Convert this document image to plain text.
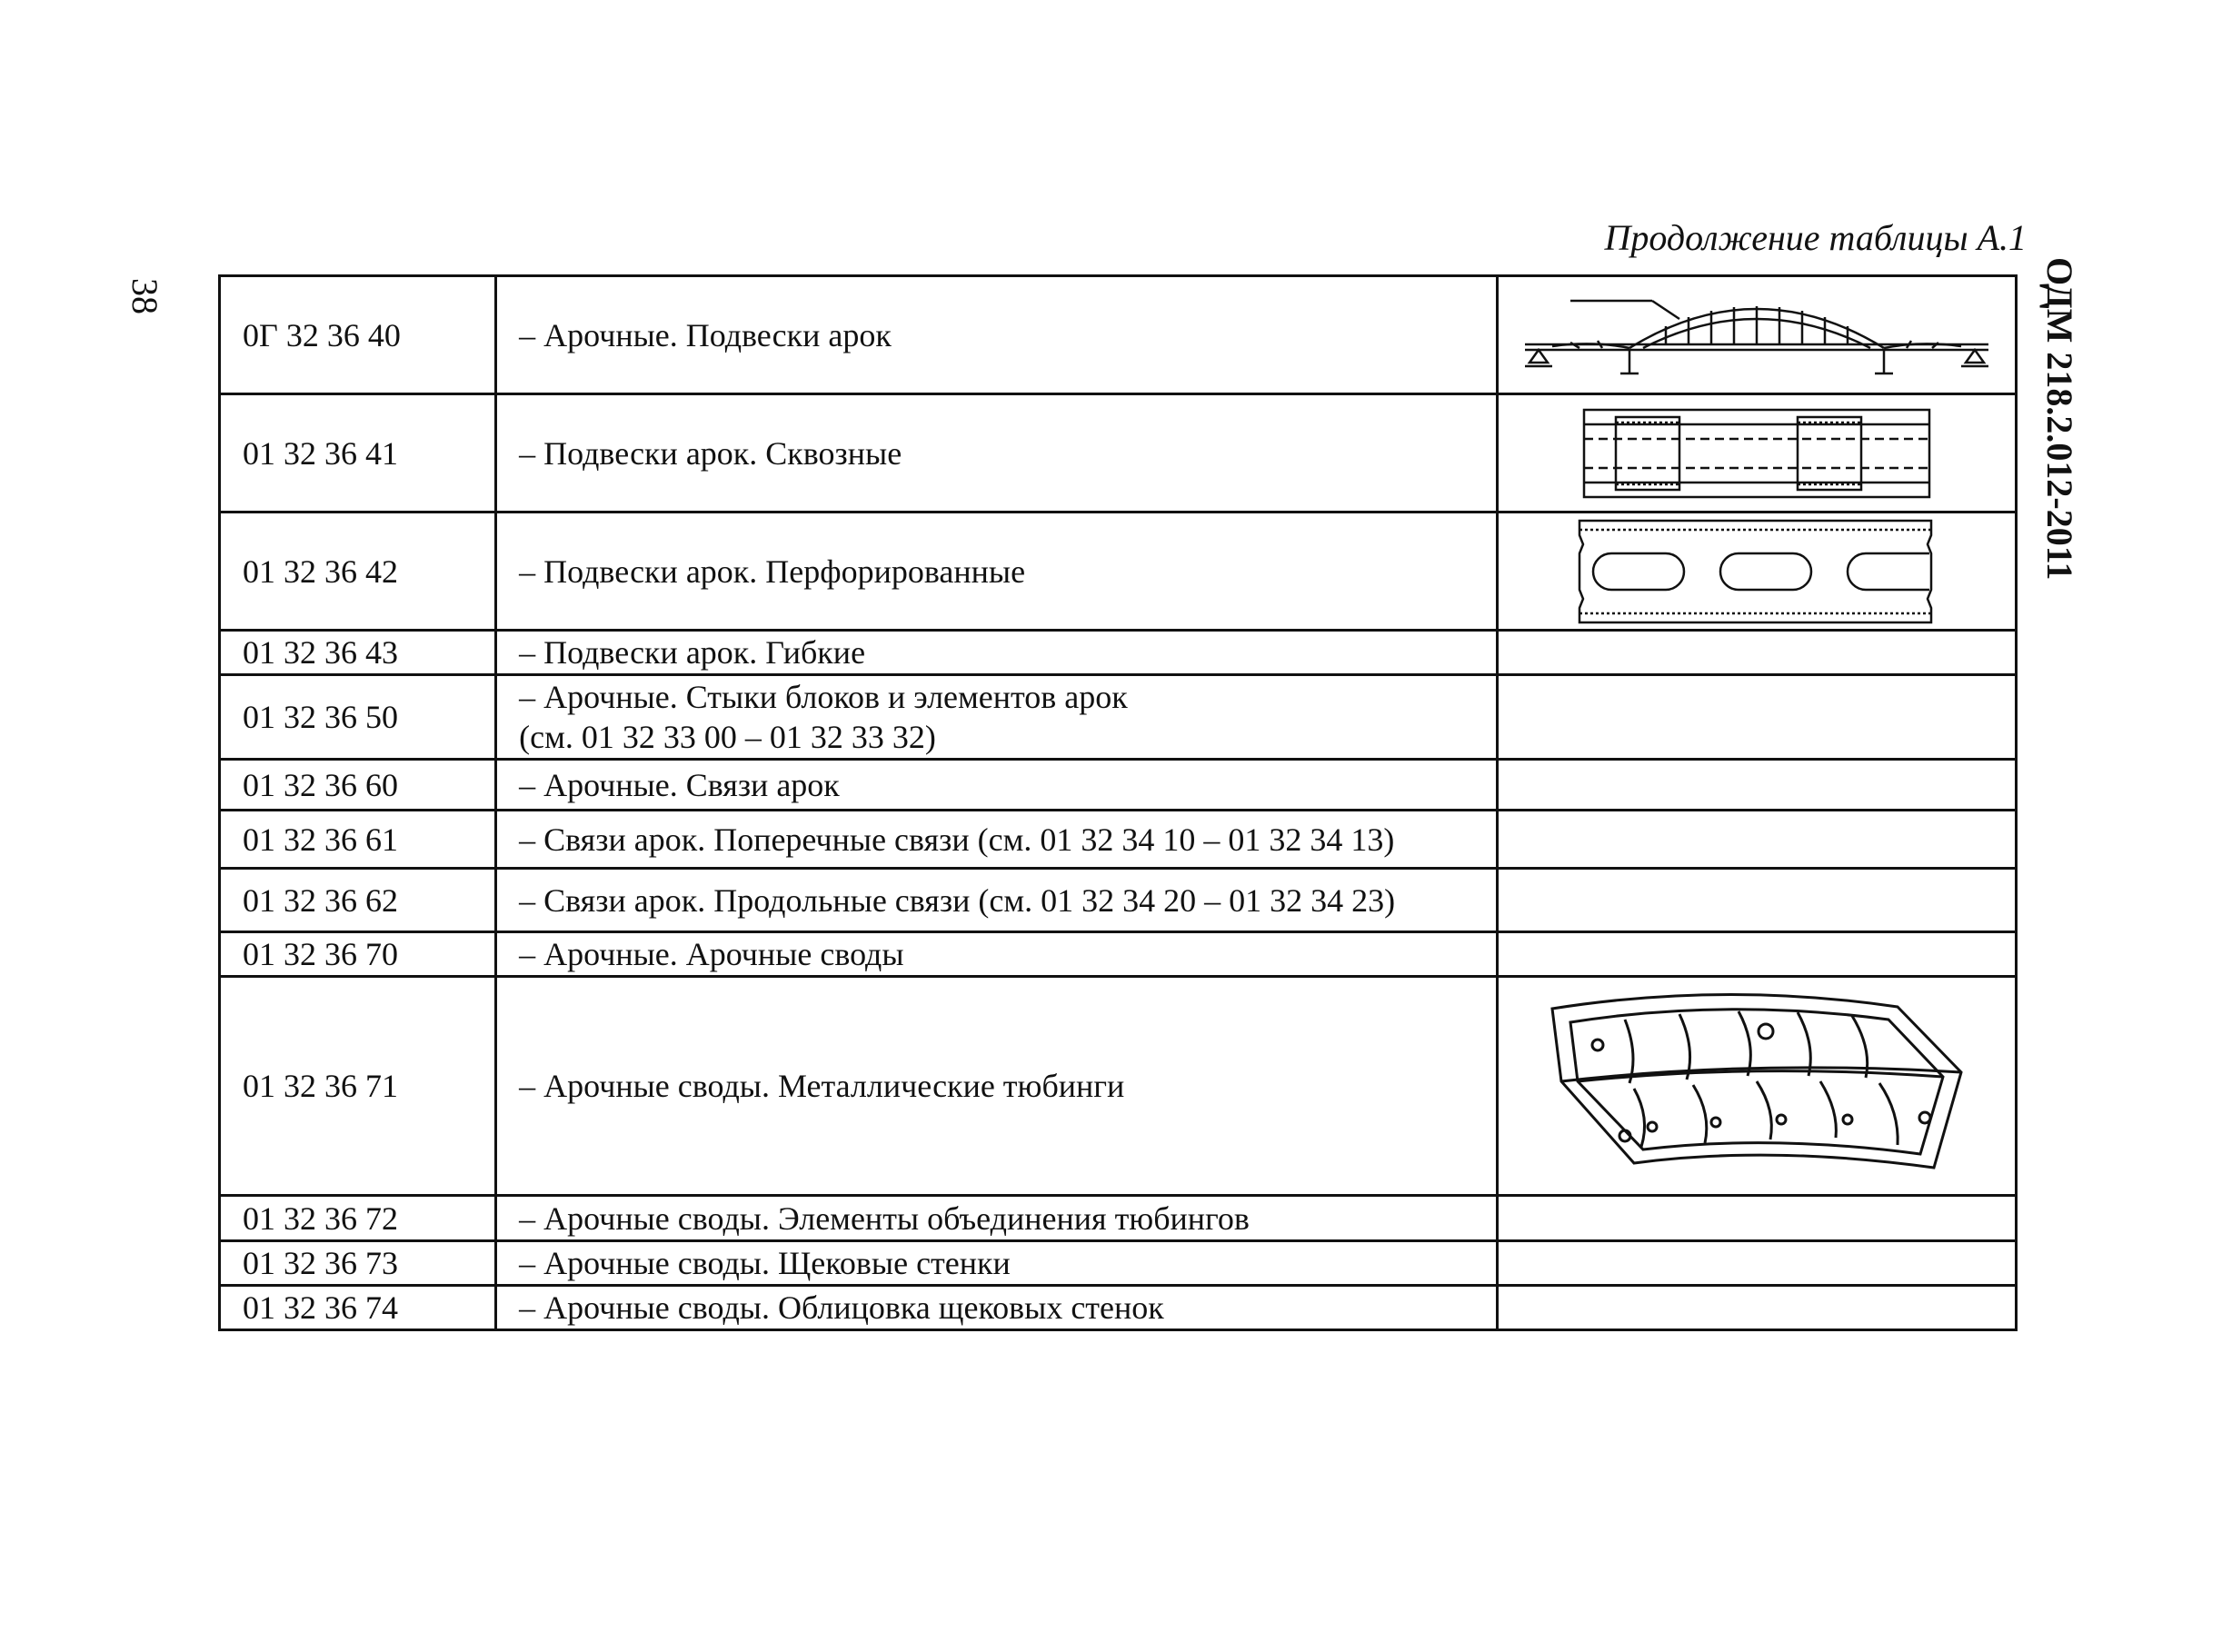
Продолжение таблицы А.1
38	ОДМ 218.2.012-2011
0Г 32 36 40	– Арочные. Подвески арок	

01 32 36 41	– Подвески арок. Сквозные	

01 32 36 42	– Подвески арок. Перфорированные	

01 32 36 43	– Подвески арок. Гибкие	
01 32 36 50	– Арочные. Стыки блоков и элементов арок
(см. 01 32 33 00 – 01 32 33 32)	

01 32 36 60	– Арочные. Связи арок	
01 32 36 61	– Связи арок. Поперечные связи (см. 01 32 34 10 – 01 32 34 13)	
01 32 36 62	– Связи арок. Продольные связи (см. 01 32 34 20 – 01 32 34 23)	
01 32 36 70	– Арочные. Арочные своды	
01 32 36 71	– Арочные своды. Металлические тюбинги	

01 32 36 72	– Арочные своды. Элементы объединения тюбингов	
01 32 36 73	– Арочные своды. Щековые стенки	
01 32 36 74	– Арочные своды. Облицовка щековых стенок	
